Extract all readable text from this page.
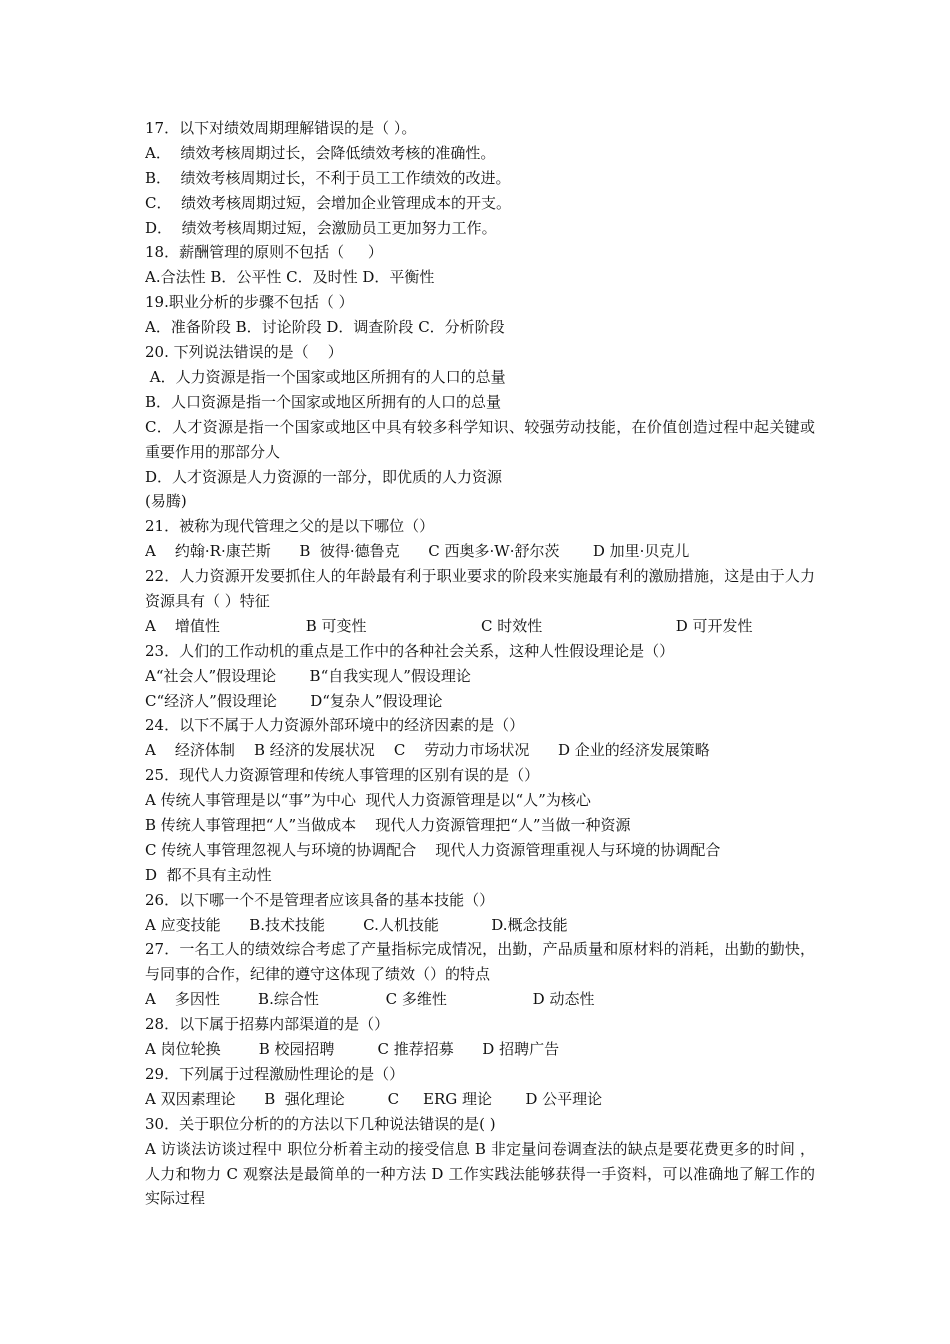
17．以下对绩效周期理解错误的是（ ）。
A．  绩效考核周期过长，会降低绩效考核的准确性。
B．  绩效考核周期过长，不利于员工工作绩效的改进。
C．  绩效考核周期过短，会增加企业管理成本的开支。
D．  绩效考核周期过短，会激励员工更加努力工作。
18．薪酬管理的原则不包括（     ）
A.合法性 B．公平性 C．及时性 D．平衡性
19.职业分析的步骤不包括（ ）
A．准备阶段 B．讨论阶段 D．调查阶段 C．分析阶段
20. 下列说法错误的是（    ）
A．人力资源是指一个国家或地区所拥有的人口的总量
B．人口资源是指一个国家或地区所拥有的人口的总量
C．人才资源是指一个国家或地区中具有较多科学知识、较强劳动技能，在价值创造过程中起关键或重要作用的那部分人
D．人才资源是人力资源的一部分，即优质的人力资源
(易腾)
21．被称为现代管理之父的是以下哪位（）
A    约翰·R·康芒斯      B  彼得·德鲁克      C 西奥多·W·舒尔茨       D 加里·贝克儿
22．人力资源开发要抓住人的年龄最有利于职业要求的阶段来实施最有利的激励措施，这是由于人力资源具有（ ）特征
A    增值性                  B 可变性                        C 时效性                            D 可开发性
23．人们的工作动机的重点是工作中的各种社会关系，这种人性假设理论是（）
A“社会人”假设理论       B“自我实现人”假设理论
C“经济人”假设理论       D“复杂人”假设理论
24．以下不属于人力资源外部环境中的经济因素的是（）
A    经济体制    B 经济的发展状况    C    劳动力市场状况      D 企业的经济发展策略
25．现代人力资源管理和传统人事管理的区别有误的是（）
A 传统人事管理是以“事”为中心  现代人力资源管理是以“人”为核心
B 传统人事管理把“人”当做成本    现代人力资源管理把“人”当做一种资源
C 传统人事管理忽视人与环境的协调配合    现代人力资源管理重视人与环境的协调配合
D  都不具有主动性
26．以下哪一个不是管理者应该具备的基本技能（）
A 应变技能      B.技术技能        C.人机技能           D.概念技能
27．一名工人的绩效综合考虑了产量指标完成情况，出勤，产品质量和原材料的消耗，出勤的勤快，与同事的合作，纪律的遵守这体现了绩效（）的特点
A    多因性        B.综合性              C 多维性                  D 动态性
28．以下属于招募内部渠道的是（）
A 岗位轮换        B 校园招聘         C 推荐招募      D 招聘广告
29．下列属于过程激励性理论的是（）
A 双因素理论      B  强化理论         C     ERG 理论       D 公平理论
30．关于职位分析的的方法以下几种说法错误的是( )
A 访谈法访谈过程中 职位分析着主动的接受信息 B 非定量问卷调查法的缺点是要花费更多的时间 ，人力和物力 C 观察法是最简单的一种方法 D 工作实践法能够获得一手资料，可以准确地了解工作的实际过程
